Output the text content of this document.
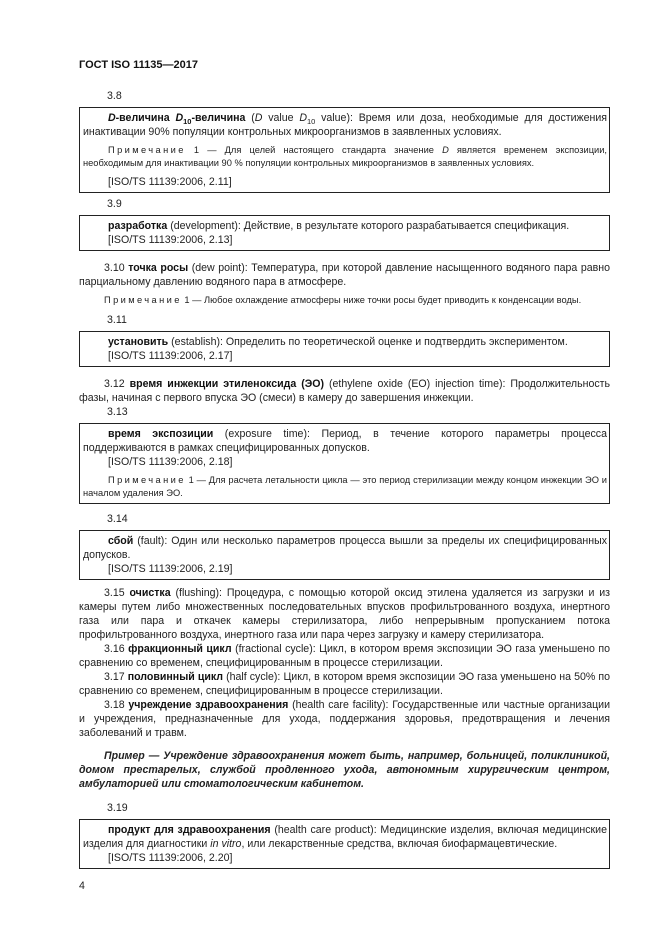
ГОСТ ISO 11135—2017
3.8

D-величина $D_{10}$-величина (D value $D_{10}$ value): Время или доза, необходимые для достижения инактивации 90% популяции контрольных микроорганизмов в заявленных условиях.

Примечание 1 — Для целей настоящего стандарта значение D является временем экспозиции, необходимым для инактивации 90 % популяции контрольных микроорганизмов в заявленных условиях.

[ISO/TS 11139:2006, 2.11]

3.9

разработка (development): Действие, в результате которого разрабатывается спецификация.

[ISO/TS 11139:2006, 2.13]

3.10 точка росы (dew point): Температура, при которой давление насыщенного водяного пара равно парциальному давлению водяного пара в атмосфере.

Примечание 1 — Любое охлаждение атмосферы ниже точки росы будет приводить к конденсации воды.

3.11

установить (establish): Определить по теоретической оценке и подтвердить экспериментом.

[ISO/TS 11139:2006, 2.17]

3.12 время инжекции этиленоксида (ЭО) (ethylene oxide (EO) injection time): Продолжительность фазы, начиная с первого впуска ЭО (смеси) в камеру до завершения инжекции.

3.13

время экспозиции (exposure time): Период, в течение которого параметры процесса поддерживаются в рамках специфицированных допусков.

[ISO/TS 11139:2006, 2.18]

Примечание 1 — Для расчета летальности цикла — это период стерилизации между концом инжекции ЭО и началом удаления ЭО.

3.14

сбой (fault): Один или несколько параметров процесса вышли за пределы их специфицированных допусков.

[ISO/TS 11139:2006, 2.19]

3.15 очистка (flushing): Процедура, с помощью которой оксид этилена удаляется из загрузки и из камеры путем либо множественных последовательных впусков профильтрованного воздуха, инертного газа или пара и откачек камеры стерилизатора, либо непрерывным пропусканием потока профильтрованного воздуха, инертного газа или пара через загрузку и камеру стерилизатора.

3.16 фракционный цикл (fractional cycle): Цикл, в котором время экспозиции ЭО газа уменьшено по сравнению со временем, специфицированным в процессе стерилизации.

3.17 половинный цикл (half cycle): Цикл, в котором время экспозиции ЭО газа уменьшено на 50% по сравнению со временем, специфицированным в процессе стерилизации.

3.18 учреждение здравоохранения (health care facility): Государственные или частные организации и учреждения, предназначенные для ухода, поддержания здоровья, предотвращения и лечения заболеваний и травм.

Пример — Учреждение здравоохранения может быть, например, больницей, поликлиникой, домом престарелых, службой продленного ухода, автономным хирургическим центром, амбулаторией или стоматологическим кабинетом.

3.19

продукт для здравоохранения (health care product): Медицинские изделия, включая медицинские изделия для диагностики in vitro, или лекарственные средства, включая биофармацевтические.

[ISO/TS 11139:2006, 2.20]

4
